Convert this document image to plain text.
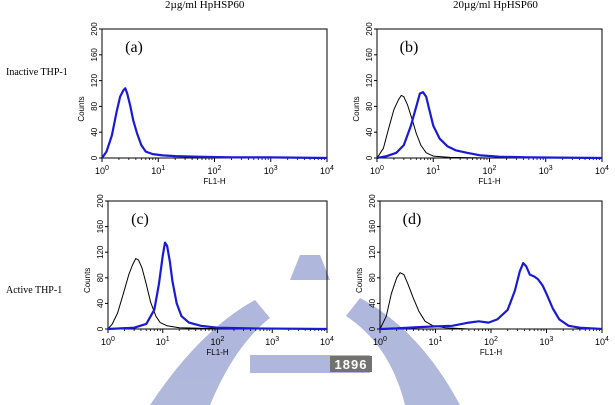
2µg/ml HpHSP60	20µg/ml HpHSP60
Inactive THP-1
Active THP-1
1896
0
40
80
120
160
200
$10^0$	$10^1$	$10^2$	$10^3$	$10^4$
FL1-H
Counts
(a)
0
40
80
120
160
200
$10^0$	$10^1$	$10^2$	$10^3$	$10^4$
FL1-H
Counts
(b)
0
40
80
120
160
200
$10^0$	$10^1$	$10^2$	$10^3$	$10^4$
FL1-H
Counts
(c)
0
40
80
120
160
200
$10^0$	$10^1$	$10^2$	$10^3$	$10^4$
FL1-H
Counts
(d)
